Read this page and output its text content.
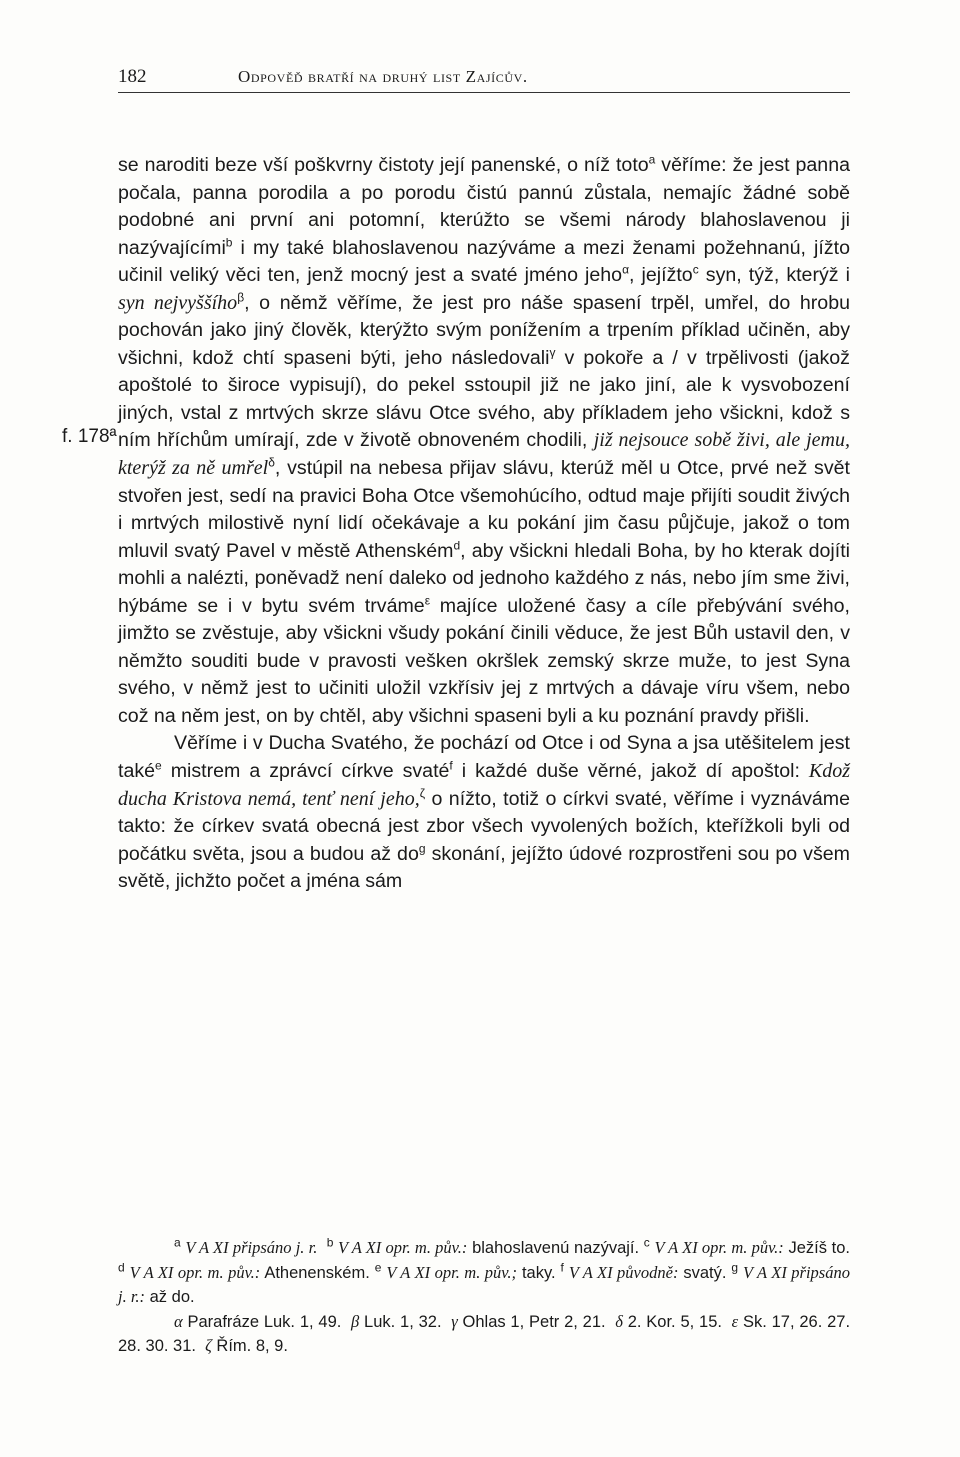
182	Odpověď bratří na druhý list Zajícův.
f. 178ª

se naroditi beze vší poškvrny čistoty její panenské, o níž toto$^a$ věříme: že jest panna počala, panna porodila a po porodu čistú pannú zůstala, nemajíc žádné sobě podobné ani první ani potomní, kterúžto se všemi národy blahoslavenou ji nazývajícími$^b$ i my také blahoslavenou nazýváme a mezi ženami požehnanú, jížto učinil veliký věci ten, jenž mocný jest a svaté jméno jeho$^\alpha$, jejížto$^c$ syn, týž, kterýž i syn nejvyššího$^\beta$, o němž věříme, že jest pro náše spasení trpěl, umřel, do hrobu pochován jako jiný člověk, kterýžto svým ponížením a trpením příklad učiněn, aby všichni, kdož chtí spaseni býti, jeho následovali$^\gamma$ v pokoře a / v trpělivosti (jakož apoštolé to široce vypisují), do pekel sstoupil již ne jako jiní, ale k vysvobození jiných, vstal z mrtvých skrze slávu Otce svého, aby příkladem jeho všickni, kdož s ním hříchům umírají, zde v životě obnoveném chodili, již nejsouce sobě živi, ale jemu, kterýž za ně umřel$^\delta$, vstúpil na nebesa přijav slávu, kterúž měl u Otce, prvé než svět stvořen jest, sedí na pravici Boha Otce všemohúcího, odtud maje přijíti soudit živých i mrtvých milostivě nyní lidí očekávaje a ku pokání jim času půjčuje, jakož o tom mluvil svatý Pavel v městě Athenském$^d$, aby všickni hledali Boha, by ho kterak dojíti mohli a nalézti, poněvadž není daleko od jednoho každého z nás, nebo jím sme živi, hýbáme se i v bytu svém trváme$^\varepsilon$ majíce uložené časy a cíle přebývání svého, jimžto se zvěstuje, aby všickni všudy pokání činili věducе, že jest Bůh ustavil den, v němžto souditi bude v pravosti vešken okršlek zemský skrze muže, to jest Syna svého, v němž jest to učiniti uložil vzkřísiv jej z mrtvých a dávaje víru všem, nebo což na něm jest, on by chtěl, aby všichni spaseni byli a ku poznání pravdy přišli.

Věříme i v Ducha Svatého, že pochází od Otce i od Syna a jsa utěšitelem jest také$^e$ mistrem a zprávcí církve svaté$^f$ i každé duše věrné, jakož dí apoštol: Kdož ducha Kristova nemá, tenť není jeho,$^\zeta$ o nížto, totiž o církvi svaté, věříme i vyznáváme takto: že církev svatá obecná jest zbor všech vyvolených božích, kteřížkoli byli od počátku světa, jsou a budou až $do^g$ skonání, jejížto údové rozprostřeni sou po všem světě, jichžto počet a jména sám

$^a$ V A XI připsáno j. r. $^b$ V A XI opr. m. pův.: blahoslavenú nazývají. $^c$ V A XI opr. m. pův.: Ježíš to. $^d$ V A XI opr. m. pův.: Athenenském. $^e$ V A XI opr. m. pův.; taky. $^f$ V A XI původně: svatý. $^g$ V A XI připsáno j. r.: až do.

α Parafráze Luk. 1, 49. β Luk. 1, 32. γ Ohlas 1, Petr 2, 21. δ 2. Kor. 5, 15. ε Sk. 17, 26. 27. 28. 30. 31. ζ Řím. 8, 9.
